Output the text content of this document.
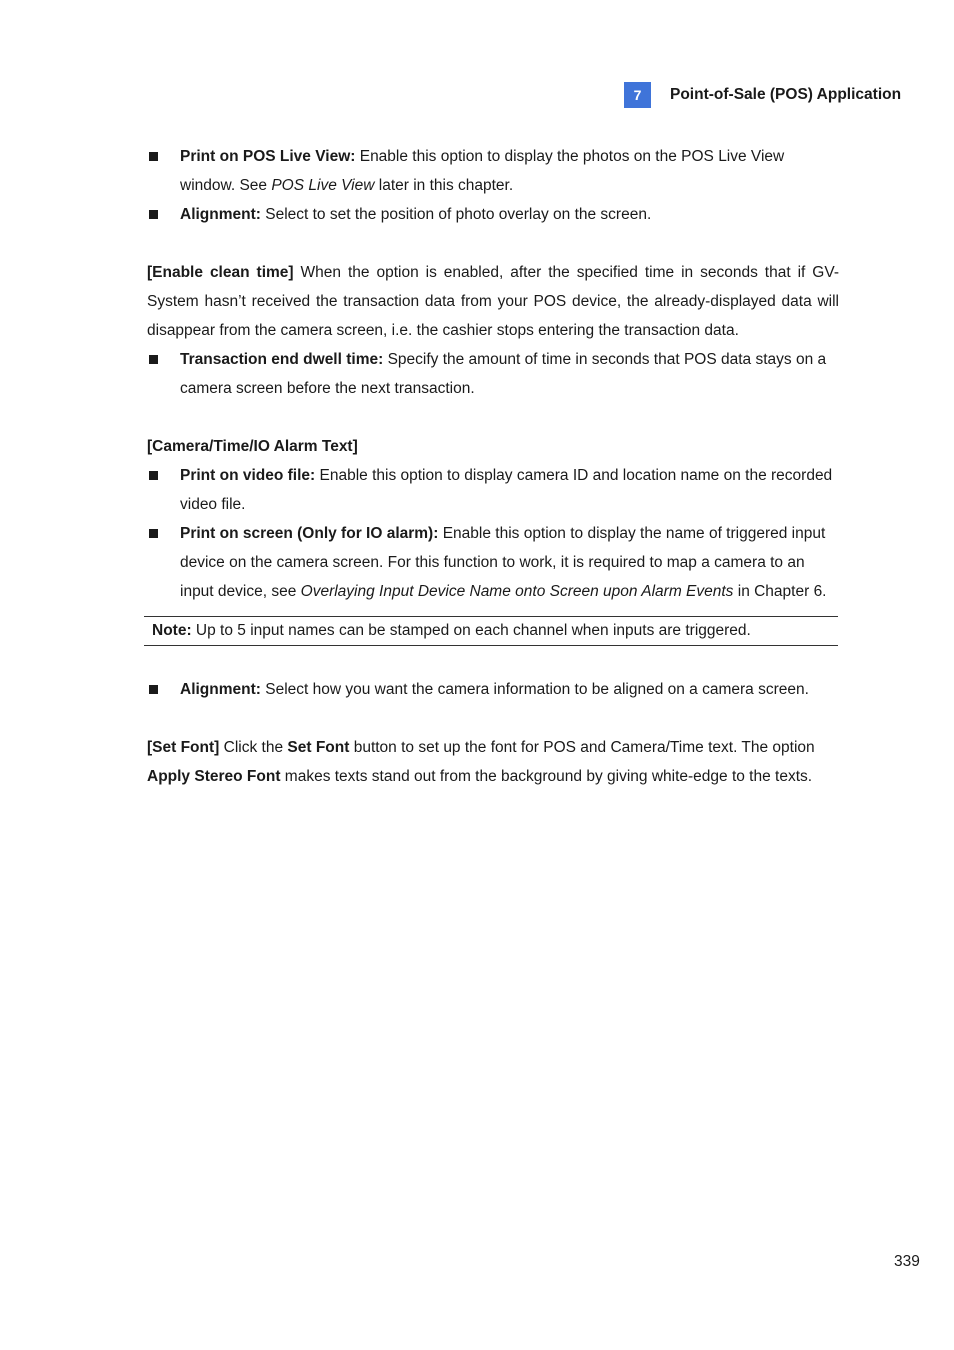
7	Point-of-Sale (POS) Application
Print on POS Live View: Enable this option to display the photos on the POS Live View window. See POS Live View later in this chapter.
Alignment: Select to set the position of photo overlay on the screen.
[Enable clean time] When the option is enabled, after the specified time in seconds that if GV-System hasn’t received the transaction data from your POS device, the already-displayed data will disappear from the camera screen, i.e. the cashier stops entering the transaction data.
Transaction end dwell time: Specify the amount of time in seconds that POS data stays on a camera screen before the next transaction.
[Camera/Time/IO Alarm Text]
Print on video file: Enable this option to display camera ID and location name on the recorded video file.
Print on screen (Only for IO alarm): Enable this option to display the name of triggered input device on the camera screen. For this function to work, it is required to map a camera to an input device, see Overlaying Input Device Name onto Screen upon Alarm Events in Chapter 6.
Note: Up to 5 input names can be stamped on each channel when inputs are triggered.
Alignment: Select how you want the camera information to be aligned on a camera screen.
[Set Font] Click the Set Font button to set up the font for POS and Camera/Time text. The option Apply Stereo Font makes texts stand out from the background by giving white-edge to the texts.
339
